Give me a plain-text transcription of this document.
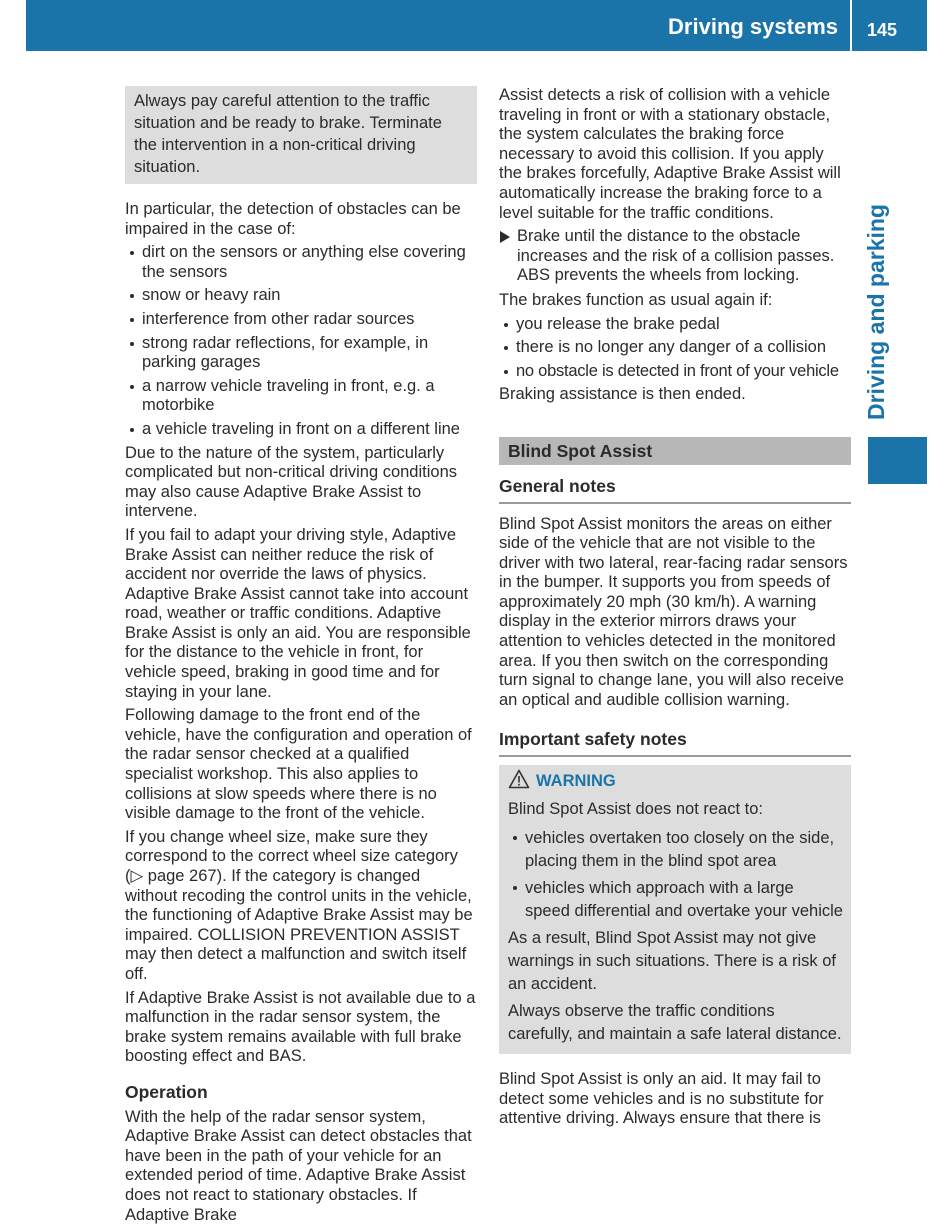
Driving systems	145
Driving and parking
Always pay careful attention to the traffic situation and be ready to brake. Terminate the intervention in a non-critical driving situation.

In particular, the detection of obstacles can be impaired in the case of:

dirt on the sensors or anything else covering the sensors
snow or heavy rain
interference from other radar sources
strong radar reflections, for example, in parking garages
a narrow vehicle traveling in front, e.g. a motorbike
a vehicle traveling in front on a different line

Due to the nature of the system, particularly complicated but non-critical driving conditions may also cause Adaptive Brake Assist to intervene.

If you fail to adapt your driving style, Adaptive Brake Assist can neither reduce the risk of accident nor override the laws of physics. Adaptive Brake Assist cannot take into account road, weather or traffic conditions. Adaptive Brake Assist is only an aid. You are responsible for the distance to the vehicle in front, for vehicle speed, braking in good time and for staying in your lane.

Following damage to the front end of the vehicle, have the configuration and operation of the radar sensor checked at a qualified specialist workshop. This also applies to collisions at slow speeds where there is no visible damage to the front of the vehicle.

If you change wheel size, make sure they correspond to the correct wheel size category (▷ page 267). If the category is changed without recoding the control units in the vehicle, the functioning of Adaptive Brake Assist may be impaired. COLLISION PREVENTION ASSIST may then detect a malfunction and switch itself off.

If Adaptive Brake Assist is not available due to a malfunction in the radar sensor system, the brake system remains available with full brake boosting effect and BAS.

Operation

With the help of the radar sensor system, Adaptive Brake Assist can detect obstacles that have been in the path of your vehicle for an extended period of time. Adaptive Brake Assist does not react to stationary obstacles. If Adaptive Brake

Assist detects a risk of collision with a vehicle traveling in front or with a stationary obstacle, the system calculates the braking force necessary to avoid this collision. If you apply the brakes forcefully, Adaptive Brake Assist will automatically increase the braking force to a level suitable for the traffic conditions.

Brake until the distance to the obstacle increases and the risk of a collision passes. ABS prevents the wheels from locking.

The brakes function as usual again if:

you release the brake pedal
there is no longer any danger of a collision
no obstacle is detected in front of your vehicle

Braking assistance is then ended.

Blind Spot Assist
General notes

Blind Spot Assist monitors the areas on either side of the vehicle that are not visible to the driver with two lateral, rear-facing radar sensors in the bumper. It supports you from speeds of approximately 20 mph (30 km/h). A warning display in the exterior mirrors draws your attention to vehicles detected in the monitored area. If you then switch on the corresponding turn signal to change lane, you will also receive an optical and audible collision warning.

Important safety notes
WARNING

Blind Spot Assist does not react to:

vehicles overtaken too closely on the side, placing them in the blind spot area
vehicles which approach with a large speed differential and overtake your vehicle

As a result, Blind Spot Assist may not give warnings in such situations. There is a risk of an accident.

Always observe the traffic conditions carefully, and maintain a safe lateral distance.

Blind Spot Assist is only an aid. It may fail to detect some vehicles and is no substitute for attentive driving. Always ensure that there is
